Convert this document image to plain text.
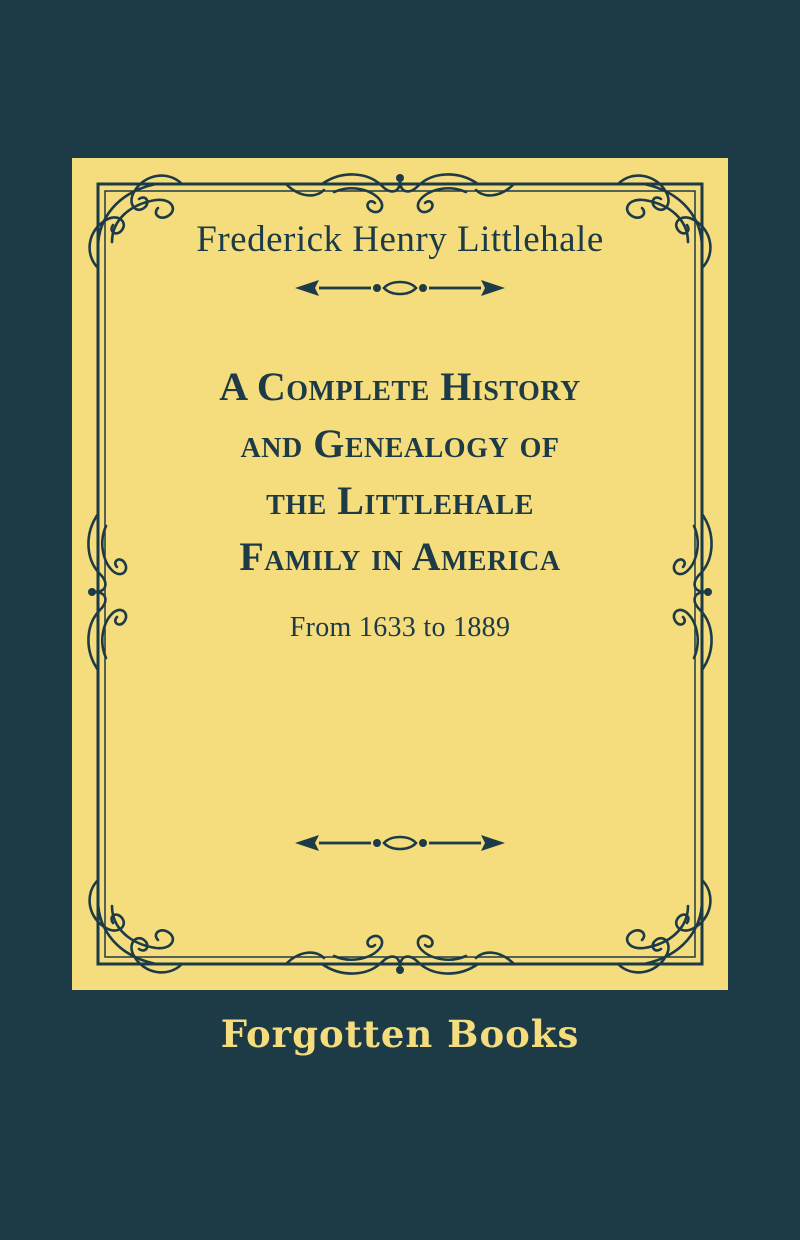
Frederick Henry Littlehale
A Complete History
and Genealogy of
the Littlehale
Family in America
From 1633 to 1889
Forgotten Books
